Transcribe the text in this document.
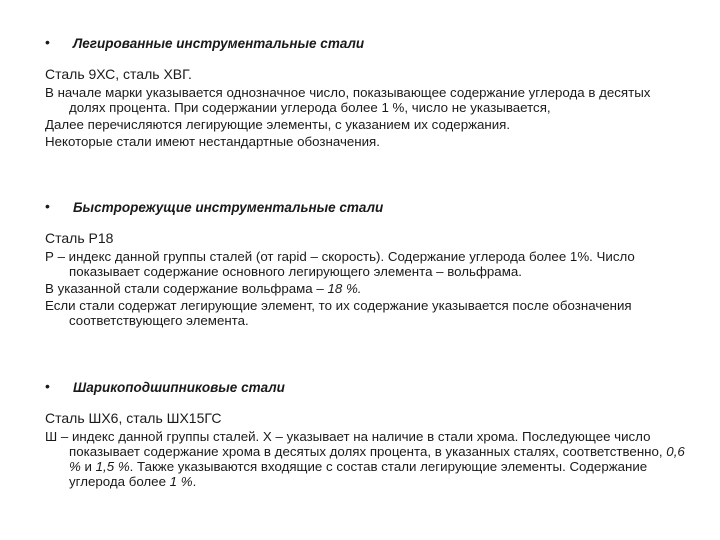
• Легированные инструментальные стали
Сталь 9ХС, сталь ХВГ.

В начале марки указывается однозначное число, показывающее содержание углерода в десятых долях процента. При содержании углерода более 1 %, число не указывается,

Далее перечисляются легирующие элементы, с указанием их содержания.

Некоторые стали имеют нестандартные обозначения.

• Быстрорежущие инструментальные стали
Сталь Р18

Р – индекс данной группы сталей (от rapid – скорость). Содержание углерода более 1%. Число показывает содержание основного легирующего элемента – вольфрама.

В указанной стали содержание вольфрама – 18 %.

Если стали содержат легирующие элемент, то их содержание указывается после обозначения соответствующего элемента.

• Шарикоподшипниковые стали
Сталь ШХ6, сталь ШХ15ГС

Ш – индекс данной группы сталей. Х – указывает на наличие в стали хрома. Последующее число показывает содержание хрома в десятых долях процента, в указанных сталях, соответственно, 0,6 % и 1,5 %. Также указываются входящие с состав стали легирующие элементы. Содержание углерода более 1 %.
